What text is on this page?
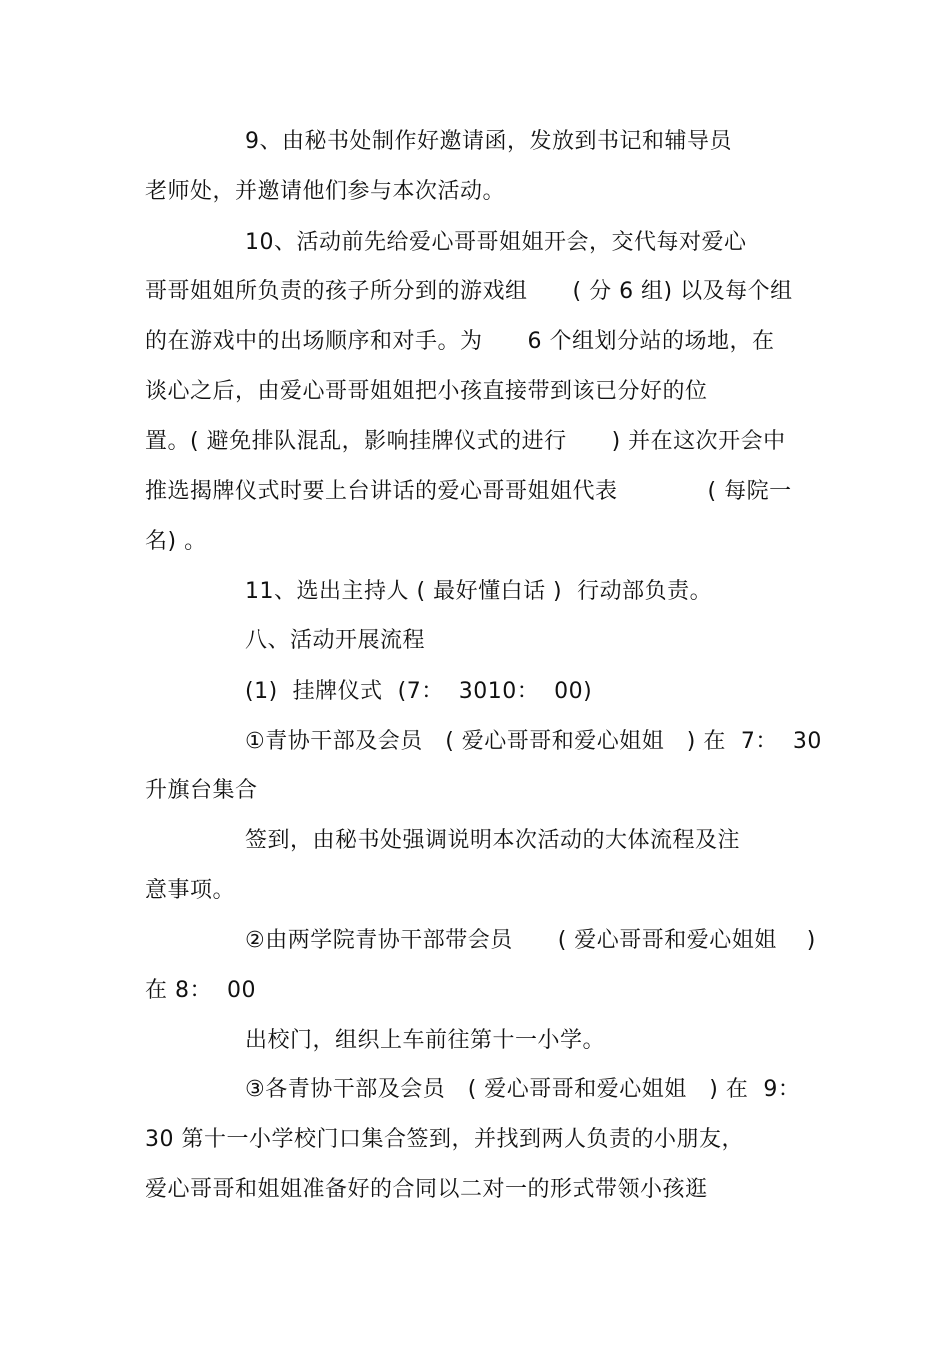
9、由秘书处制作好邀请函，发放到书记和辅导员
老师处，并邀请他们参与本次活动。
10、活动前先给爱心哥哥姐姐开会，交代每对爱心
哥哥姐姐所负责的孩子所分到的游戏组　　( 分 6 组) 以及每个组
的在游戏中的出场顺序和对手。为　　6 个组划分站的场地，在
谈心之后，由爱心哥哥姐姐把小孩直接带到该已分好的位
置。( 避免排队混乱，影响挂牌仪式的进行　　) 并在这次开会中
推选揭牌仪式时要上台讲话的爱心哥哥姐姐代表　　　　( 每院一
名) 。
11、选出主持人 ( 最好懂白话 )  行动部负责。
八、活动开展流程
(1)  挂牌仪式  (7：  3010：  00)
①青协干部及会员　( 爱心哥哥和爱心姐姐　) 在  7：  30
升旗台集合
签到，由秘书处强调说明本次活动的大体流程及注
意事项。
②由两学院青协干部带会员　　( 爱心哥哥和爱心姐姐　 )
在 8：  00
出校门，组织上车前往第十一小学。
③各青协干部及会员　( 爱心哥哥和爱心姐姐　) 在  9：
30 第十一小学校门口集合签到，并找到两人负责的小朋友，
爱心哥哥和姐姐准备好的合同以二对一的形式带领小孩逛
